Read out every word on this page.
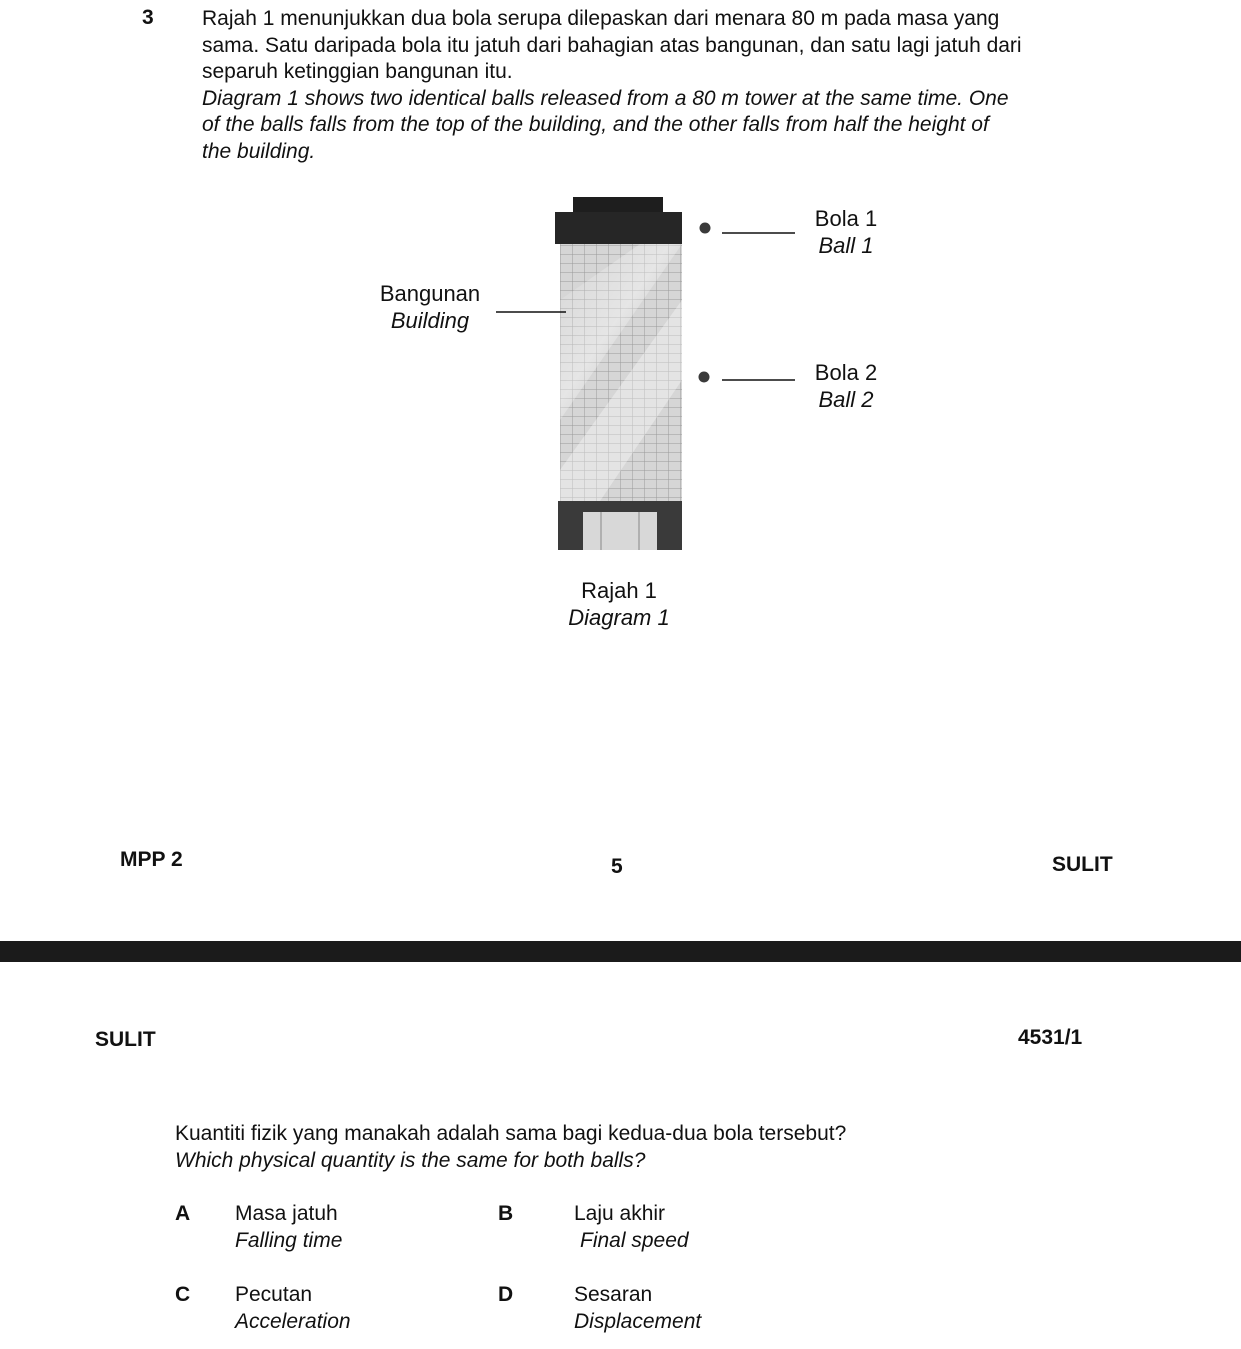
3 Rajah 1 menunjukkan dua bola serupa dilepaskan dari menara 80 m pada masa yang

sama. Satu daripada bola itu jatuh dari bahagian atas bangunan, dan satu lagi jatuh dari

separuh ketinggian bangunan itu.

Diagram 1 shows two identical balls released from a 80 m tower at the same time. One

of the balls falls from the top of the building, and the other falls from half the height of

the building.

Bola 1
Ball 1
Bola 2
Ball 2
Bangunan
Building
Rajah 1
Diagram 1
MPP 2	5	SULIT
SULIT	4531/1
Kuantiti fizik yang manakah adalah sama bagi kedua-dua bola tersebut?
Which physical quantity is the same for both balls?
A Masa jatuh
Falling time
B	Laju akhir
Final speed
C Pecutan
Acceleration
D	Sesaran
Displacement
